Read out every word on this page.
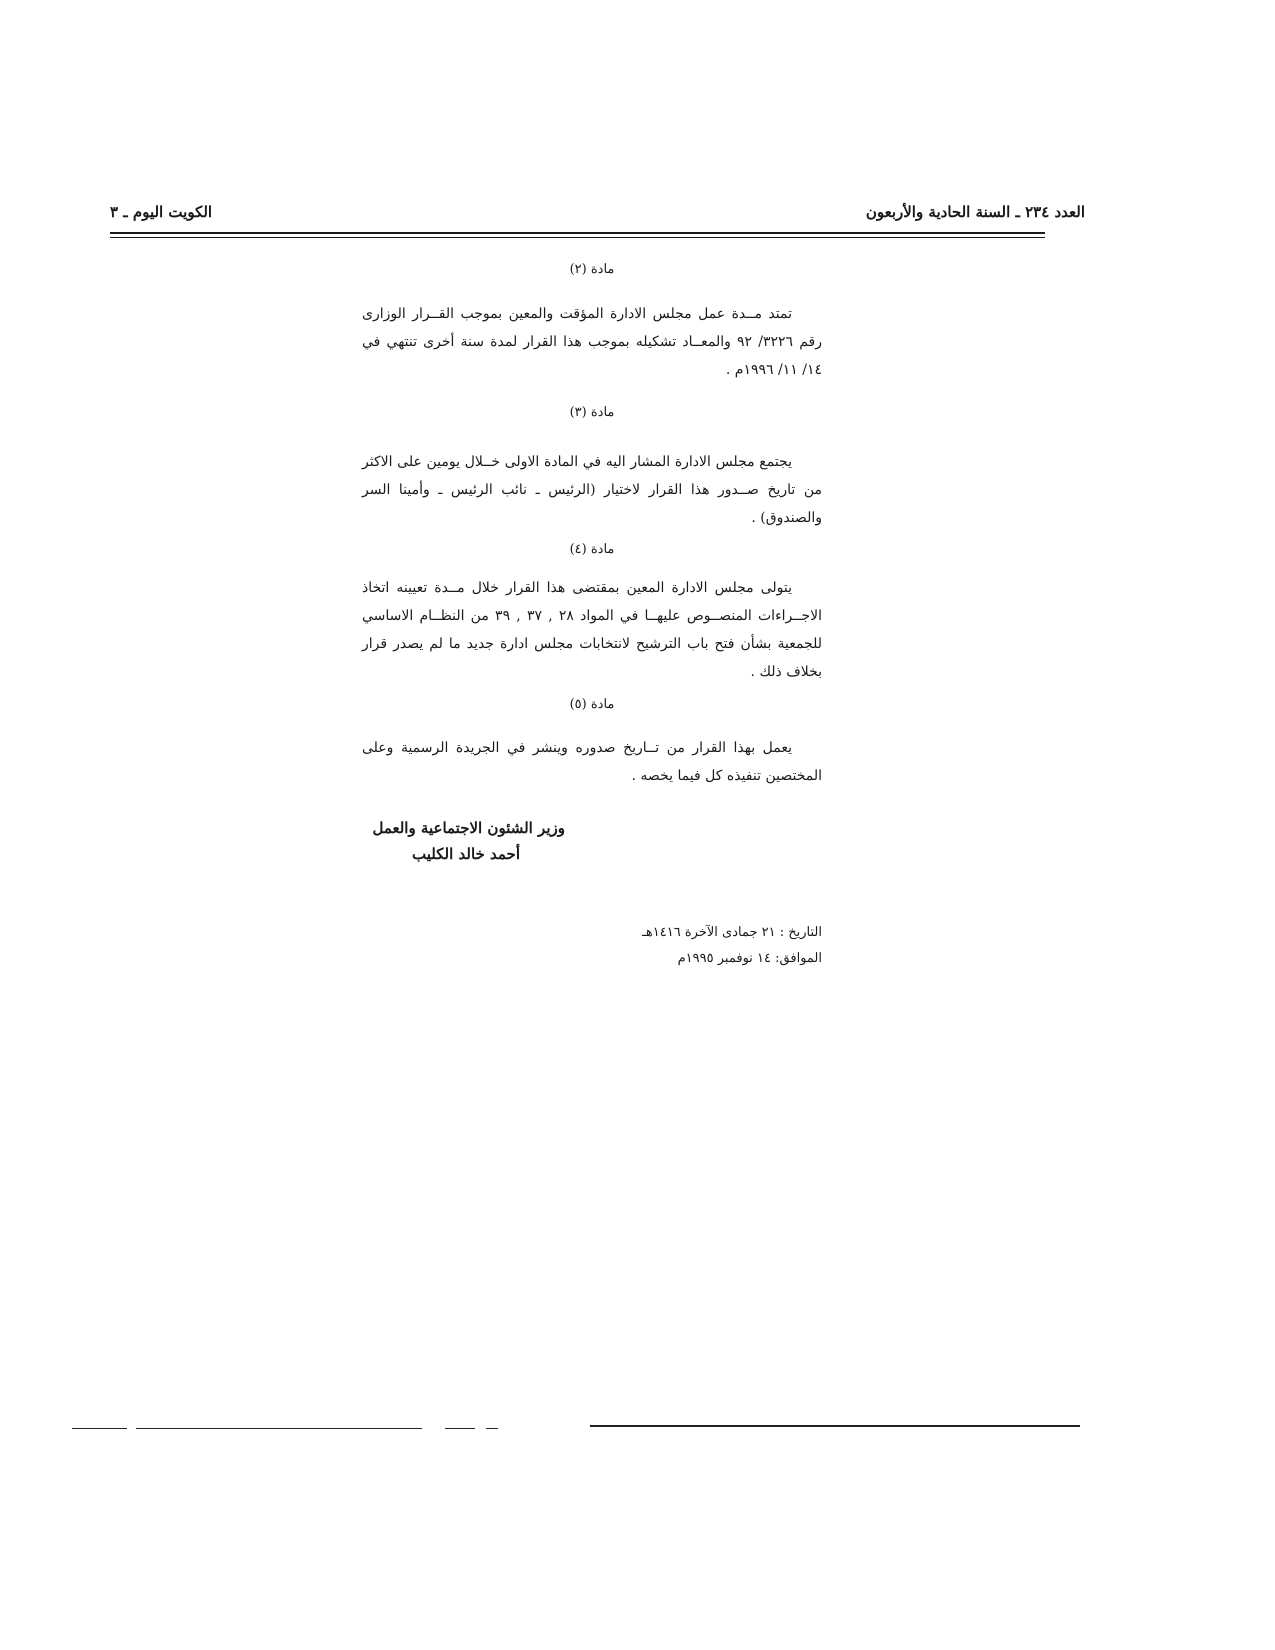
العدد ٢٣٤ ـ السنة الحادية والأربعون
الكويت اليوم ـ ٣
مادة (٢)

تمتد مــدة عمل مجلس الادارة المؤقت والمعين بموجب القــرار الوزارى رقم ٣٢٢٦/ ٩٢ والمعــاد تشكيله بموجب هذا القرار لمدة سنة أخرى تنتهي في ١٤/ ١١/ ١٩٩٦م .

مادة (٣)

يجتمع مجلس الادارة المشار اليه في المادة الاولى خــلال يومين على الاكثر من تاريخ صــدور هذا القرار لاختيار (الرئيس ـ نائب الرئيس ـ وأمينا السر والصندوق) .

مادة (٤)

يتولى مجلس الادارة المعين بمقتضى هذا القرار خلال مــدة تعيينه اتخاذ الاجــراءات المنصــوص عليهــا في المواد ٢٨ , ٣٧ , ٣٩ من النظــام الاساسي للجمعية بشأن فتح باب الترشيح لانتخابات مجلس ادارة جديد ما لم يصدر قرار بخلاف ذلك .

مادة (٥)

يعمل بهذا القرار من تــاريخ صدوره وينشر في الجريدة الرسمية وعلى المختصين تنفيذه كل فيما يخصه .

وزير الشئون الاجتماعية والعمل
أحمد خالد الكليب
التاريخ : ٢١ جمادى الآخرة ١٤١٦هـ
الموافق: ١٤ نوفمبر ١٩٩٥م
